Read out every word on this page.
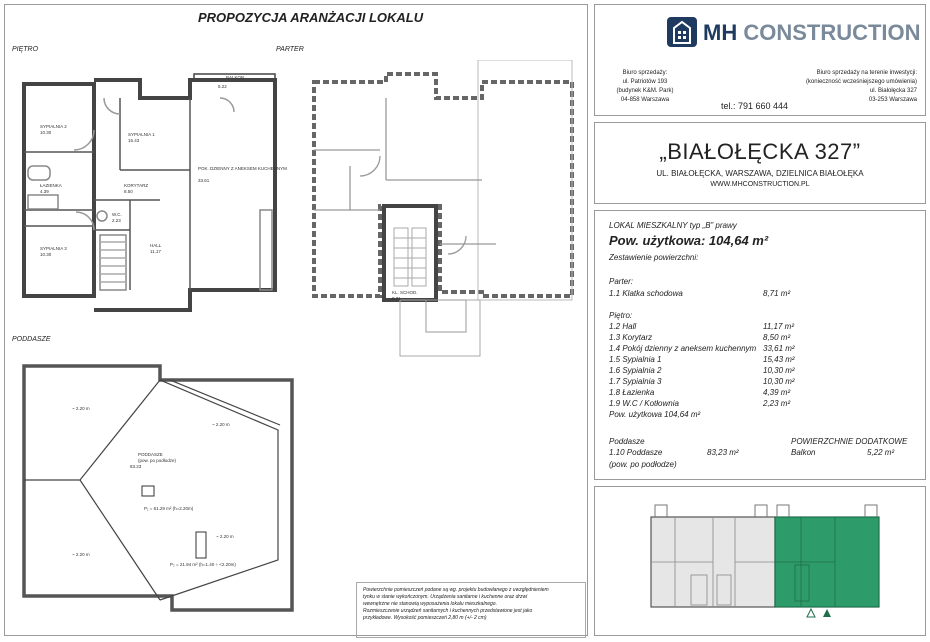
PROPOZYCJA ARANŻACJI LOKALU
PIĘTRO	PARTER
PODDASZE
SYPIALNIA 2
10.30	SYPIALNIA 1
15.43
POK. DZIENNY Z ANEKSEM KUCHENNYM
33.61
KORYTARZ
8.50
ŁAZIENKA
4.39
W.C.
2.23
SYPIALNIA 3
10.30
HALL
11.17
BALKON
5.22
KL. SCHOD.
8.71
~ 2.20 m
~ 2.20 m
~ 2.20 m
~ 2.20 m
PODDASZE
(pow. po podłodze)
83.23
P₁ = 61.29 m² (h=2.20m)
P₂ = 21.94 m² (h=1.40 ÷ <2.20m)
Powierzchnie pomieszczeń podane są wg. projektu budowlanego z uwzględnieniem
tynku w stanie wykończonym. Urządzenia sanitarne i kuchenne oraz drzwi
wewnętrzne nie stanowią wyposażenia lokalu mieszkalnego.
Rozmieszczenie urządzeń sanitarnych i kuchennych przedstawione jest jako
przykładowe. Wysokość pomieszczeń 2,80 m (+/- 2 cm)
MH CONSTRUCTION
Biuro sprzedaży:
ul. Patriotów 193
(budynek K&M. Park)
04-858 Warszawa
tel.: 791 660 444
Biuro sprzedaży na terenie inwestycji:
(konieczność wcześniejszego umówienia)
ul. Białołęcka 327
03-253 Warszawa
„BIAŁOŁĘCKA 327”
UL. BIAŁOŁĘCKA, WARSZAWA, DZIELNICA BIAŁOŁĘKA
WWW.MHCONSTRUCTION.PL
LOKAL MIESZKALNY typ „B” prawy
Pow. użytkowa: 104,64 m²
Zestawienie powierzchni:
Parter:
1.1 Klatka schodowa	8,71 m²
Piętro:
1.2 Hall	11,17 m²
1.3 Korytarz	8,50 m²
1.4 Pokój dzienny z aneksem kuchennym 33,61 m²
1.5 Sypialnia 1	15,43 m²
1.6 Sypialnia 2	10,30 m²
1.7 Sypialnia 3	10,30 m²
1.8 Łazienka	4,39 m²
1.9 W.C / Kotłownia	2,23 m²
Pow. użytkowa 104,64 m²
Poddasze
1.10 Poddasze	83,23 m²
(pow. po podłodze)
POWIERZCHNIE DODATKOWE
Balkon	5,22 m²
